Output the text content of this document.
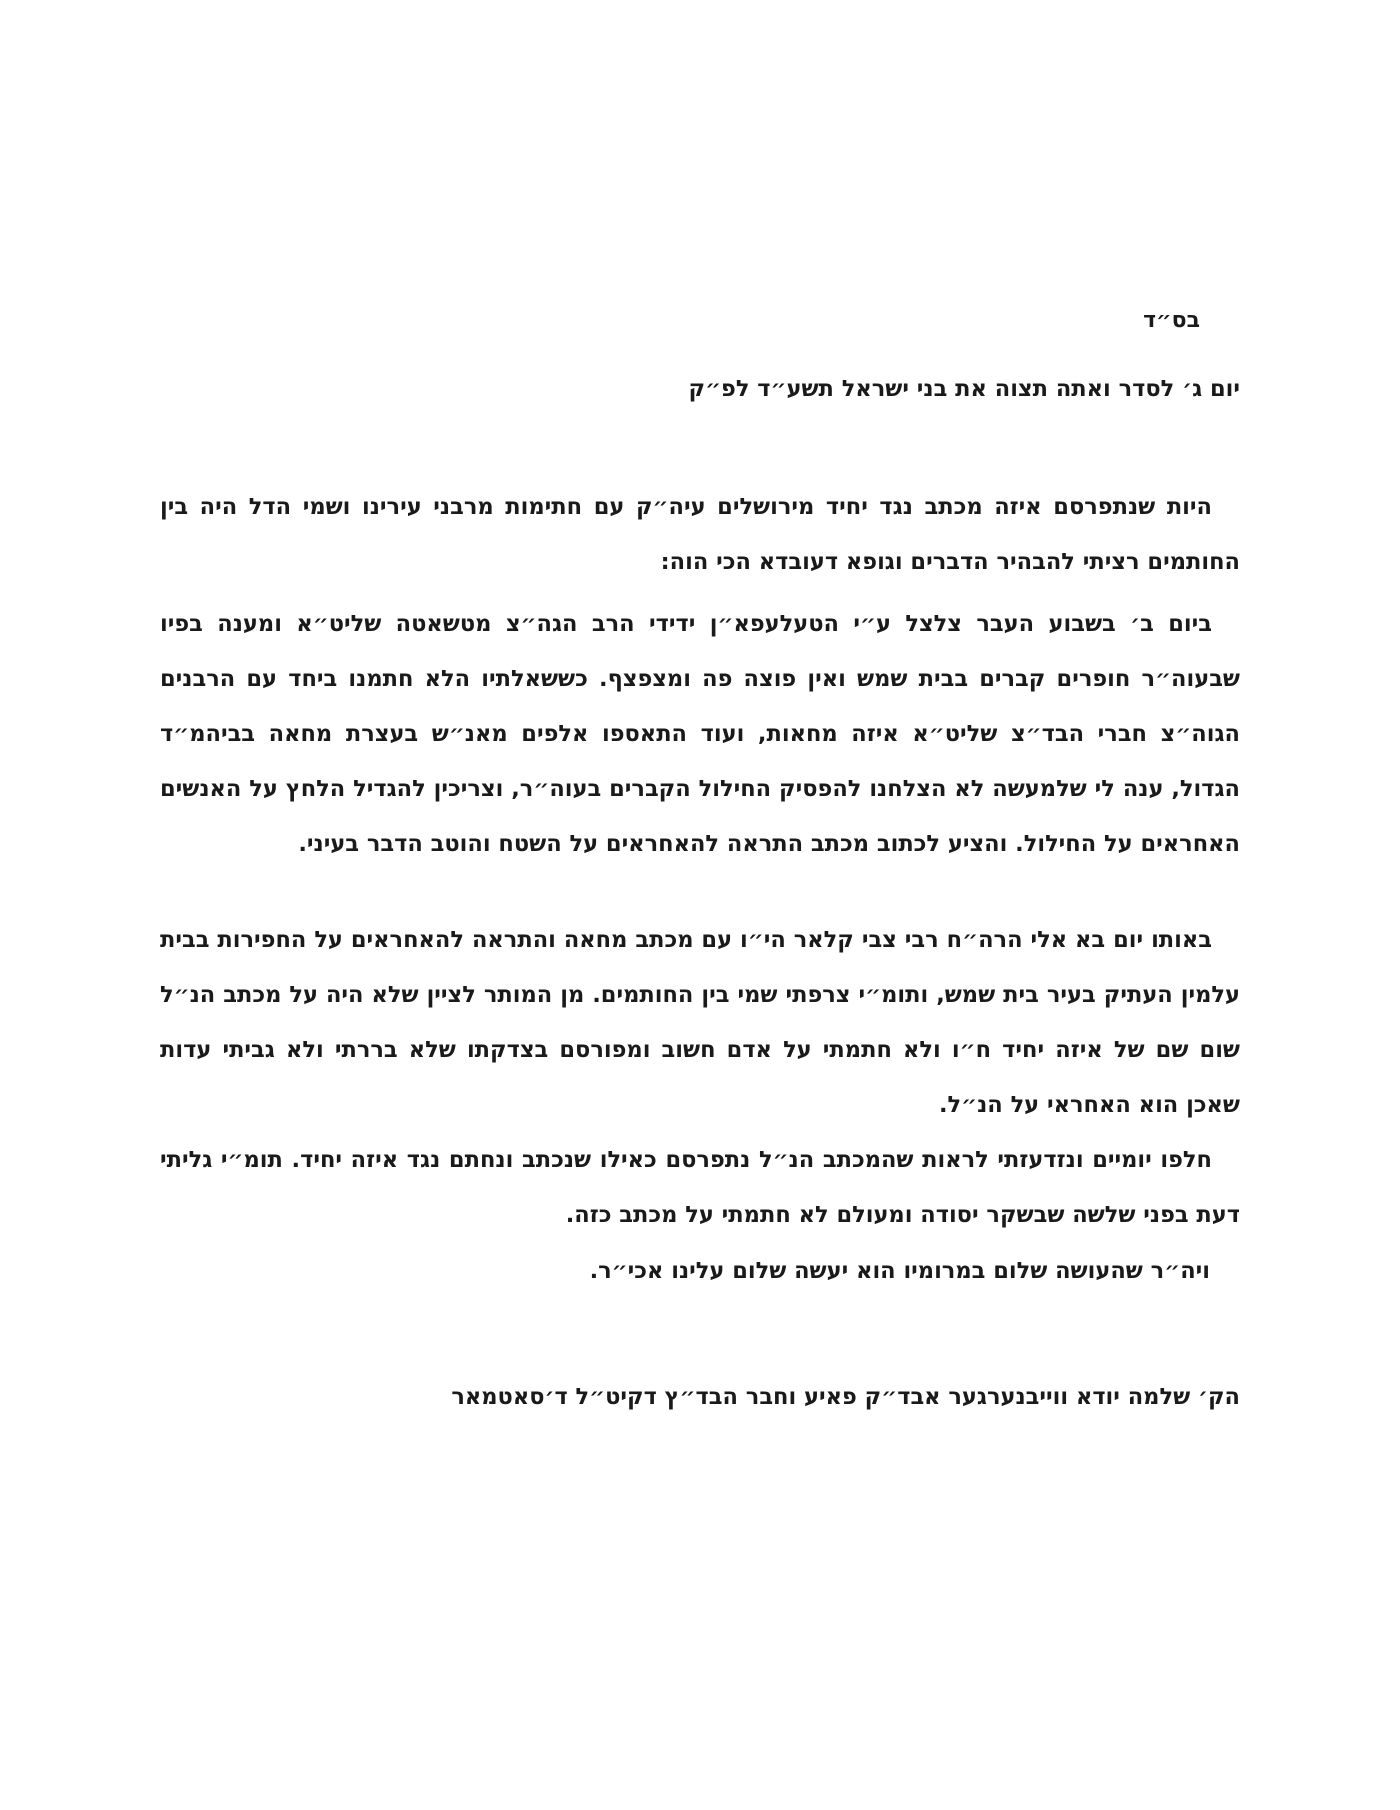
בס״ד
יום ג׳ לסדר ואתה תצוה את בני ישראל תשע״ד לפ״ק
היות שנתפרסם איזה מכתב נגד יחיד מירושלים עיה״ק עם חתימות מרבני עירינו ושמי הדל היה בין החותמים רציתי להבהיר הדברים וגופא דעובדא הכי הוה:
ביום ב׳ בשבוע העבר צלצל ע״י הטעלעפא״ן ידידי הרב הגה״צ מטשאטה שליט״א ומענה בפיו שבעוה״ר חופרים קברים בבית שמש ואין פוצה פה ומצפצף. כששאלתיו הלא חתמנו ביחד עם הרבנים הגוה״צ חברי הבד״צ שליט״א איזה מחאות, ועוד התאספו אלפים מאנ״ש בעצרת מחאה בביהמ״ד הגדול, ענה לי שלמעשה לא הצלחנו להפסיק החילול הקברים בעוה״ר, וצריכין להגדיל הלחץ על האנשים האחראים על החילול. והציע לכתוב מכתב התראה להאחראים על השטח והוטב הדבר בעיני.
באותו יום בא אלי הרה״ח רבי צבי קלאר הי״ו עם מכתב מחאה והתראה להאחראים על החפירות בבית עלמין העתיק בעיר בית שמש, ותומ״י צרפתי שמי בין החותמים. מן המותר לציין שלא היה על מכתב הנ״ל שום שם של איזה יחיד ח״ו ולא חתמתי על אדם חשוב ומפורסם בצדקתו שלא בררתי ולא גביתי עדות שאכן הוא האחראי על הנ״ל.
חלפו יומיים ונזדעזתי לראות שהמכתב הנ״ל נתפרסם כאילו שנכתב ונחתם נגד איזה יחיד. תומ״י גליתי דעת בפני שלשה שבשקר יסודה ומעולם לא חתמתי על מכתב כזה.
ויה״ר שהעושה שלום במרומיו הוא יעשה שלום עלינו אכי״ר.
הק׳ שלמה יודא ווייבנערגער אבד״ק פאיע וחבר הבד״ץ דקיט״ל ד׳סאטמאר
